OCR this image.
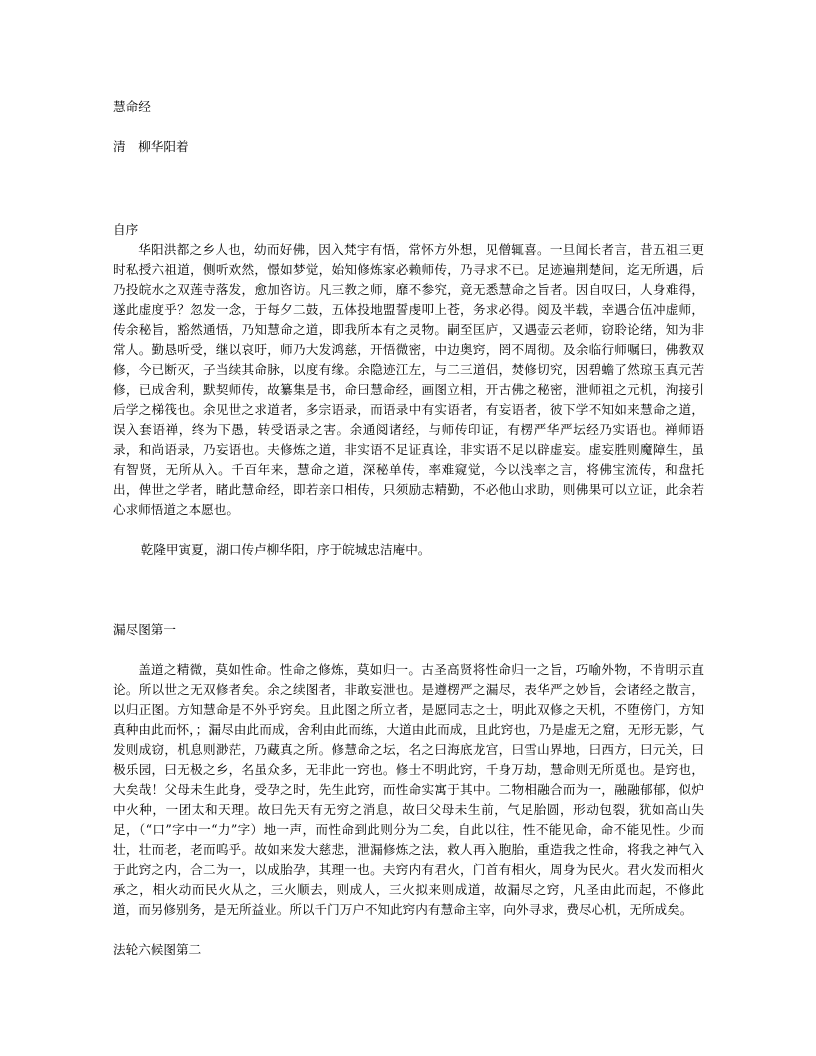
慧命经
清　柳华阳着
自序

华阳洪都之乡人也，幼而好佛，因入梵宇有悟，常怀方外想，见僧辄喜。一旦闻长者言，昔五祖三更时私授六祖道，侧听欢然，憬如梦觉，始知修炼家必赖师传，乃寻求不已。足迹遍荆楚间，迄无所遇，后乃投皖水之双莲寺落发，愈加咨访。凡三教之师，靡不参究，竟无悉慧命之旨者。因自叹曰，人身难得，遂此虚度乎？忽发一念，于每夕二鼓，五体投地盟誓虔叩上苍，务求必得。阅及半载，幸遇合伍冲虚师，传余秘旨，豁然通悟，乃知慧命之道，即我所本有之灵物。嗣至匡庐，又遇壶云老师，窃聆论绪，知为非常人。勤恳听受，继以哀吁，师乃大发鸿慈，开悟微密，中边奥窍，罔不周彻。及余临行师嘱曰，佛教双修，今已断灭，子当续其命脉，以度有缘。余隐迹江左，与二三道侣，焚修切究，因碧蟾了然琼玉真元苦修，已成舍利，默契师传，故纂集是书，命曰慧命经，画图立相，开古佛之秘密，泄师祖之元机，洵接引后学之梯筏也。余见世之求道者，多宗语录，而语录中有实语者，有妄语者，彼下学不知如来慧命之道，误入套语禅，终为下愚，转受语录之害。余通阅诸经，与师传印证，有楞严华严坛经乃实语也。禅师语录，和尚语录，乃妄语也。夫修炼之道，非实语不足证真诠，非实语不足以辟虚妄。虚妄胜则魔障生，虽有智贤，无所从入。千百年来，慧命之道，深秘单传，率难窥觉，今以浅率之言，将佛宝流传，和盘托出，俾世之学者，睹此慧命经，即若亲口相传，只须励志精勤，不必他山求助，则佛果可以立证，此余若心求师悟道之本愿也。

乾隆甲寅夏，湖口传卢柳华阳，序于皖城忠洁庵中。

漏尽图第一

盖道之精微，莫如性命。性命之修炼，莫如归一。古圣高贤将性命归一之旨，巧喻外物，不肯明示直论。所以世之无双修者矣。余之续图者，非敢妄泄也。是遵楞严之漏尽，表华严之妙旨，会诸经之散言，以归正图。方知慧命是不外乎窍矣。且此图之所立者，是愿同志之士，明此双修之天机，不堕傍门，方知真种由此而怀，；漏尽由此而成，舍利由此而练，大道由此而成，且此窍也，乃是虚无之窟，无形无影，气发则成窃，机息则渺茫，乃藏真之所。修慧命之坛，名之曰海底龙宫，曰雪山界地，曰西方，曰元关，曰极乐园，曰无极之乡，名虽众多，无非此一窍也。修士不明此窍，千身万劫，慧命则无所觅也。是窍也，大矣哉！父母未生此身，受孕之时，先生此窍，而性命实寓于其中。二物相融合而为一，融融郁郁，似炉中火种，一团太和天理。故曰先天有无穷之消息，故曰父母未生前，气足胎圆，形动包裂，犹如高山失足，（“口”字中一“力”字）地一声，而性命到此则分为二矣，自此以往，性不能见命，命不能见性。少而壮，壮而老，老而呜乎。故如来发大慈悲，泄漏修炼之法，救人再入胞胎，重造我之性命，将我之神气入于此窍之内，合二为一，以成胎孕，其理一也。夫窍内有君火，门首有相火，周身为民火。君火发而相火承之，相火动而民火从之，三火顺去，则成人，三火拟来则成道，故漏尽之窍，凡圣由此而起，不修此道，而另修别务，是无所益业。所以千门万户不知此窍内有慧命主宰，向外寻求，费尽心机，无所成矣。

法轮六候图第二
